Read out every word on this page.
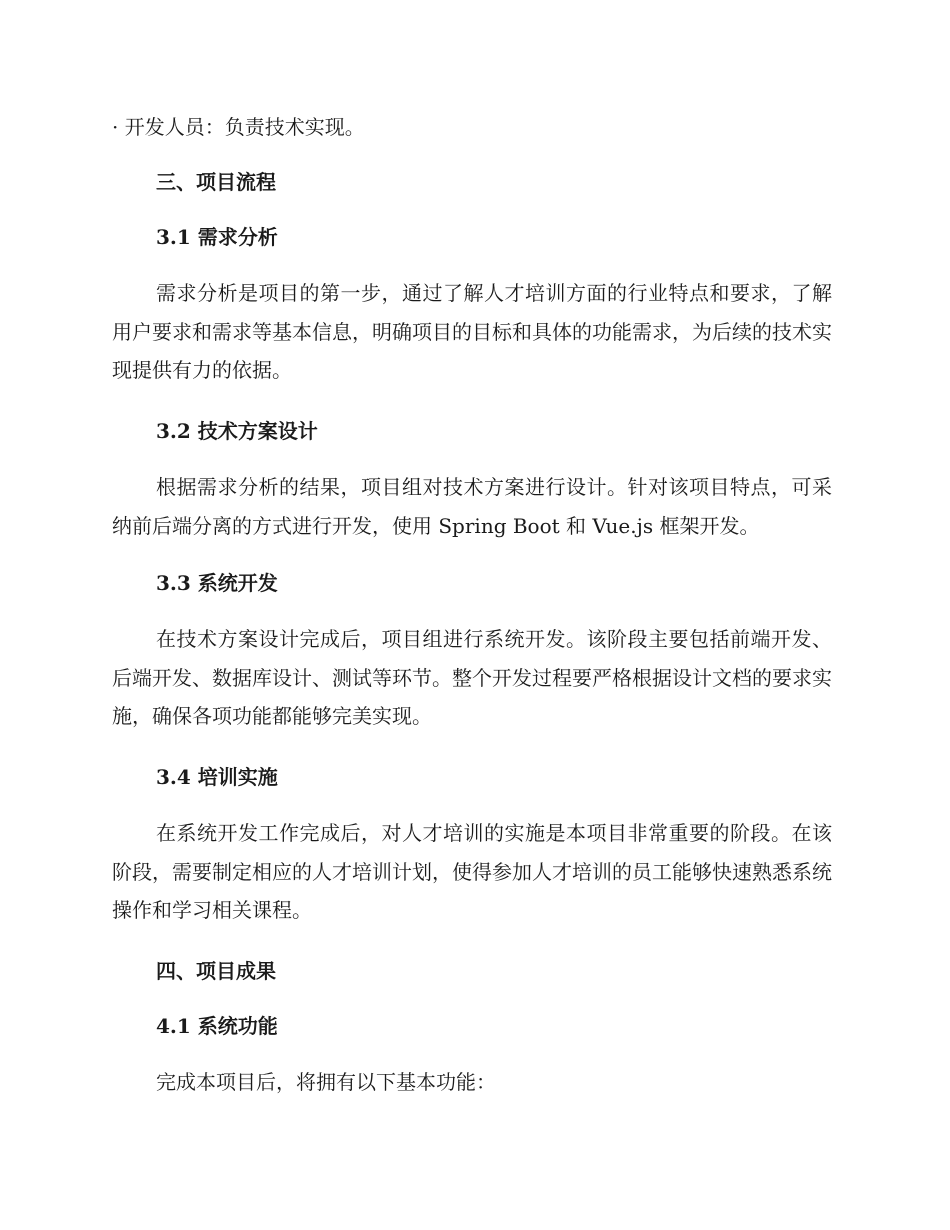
· 开发人员：负责技术实现。
三、项目流程
3.1 需求分析

需求分析是项目的第一步，通过了解人才培训方面的行业特点和要求，了解用户要求和需求等基本信息，明确项目的目标和具体的功能需求，为后续的技术实现提供有力的依据。

3.2 技术方案设计

根据需求分析的结果，项目组对技术方案进行设计。针对该项目特点，可采纳前后端分离的方式进行开发，使用 Spring Boot 和 Vue.js 框架开发。

3.3 系统开发

在技术方案设计完成后，项目组进行系统开发。该阶段主要包括前端开发、后端开发、数据库设计、测试等环节。整个开发过程要严格根据设计文档的要求实施，确保各项功能都能够完美实现。

3.4 培训实施

在系统开发工作完成后，对人才培训的实施是本项目非常重要的阶段。在该阶段，需要制定相应的人才培训计划，使得参加人才培训的员工能够快速熟悉系统操作和学习相关课程。

四、项目成果
4.1 系统功能
完成本项目后，将拥有以下基本功能：
